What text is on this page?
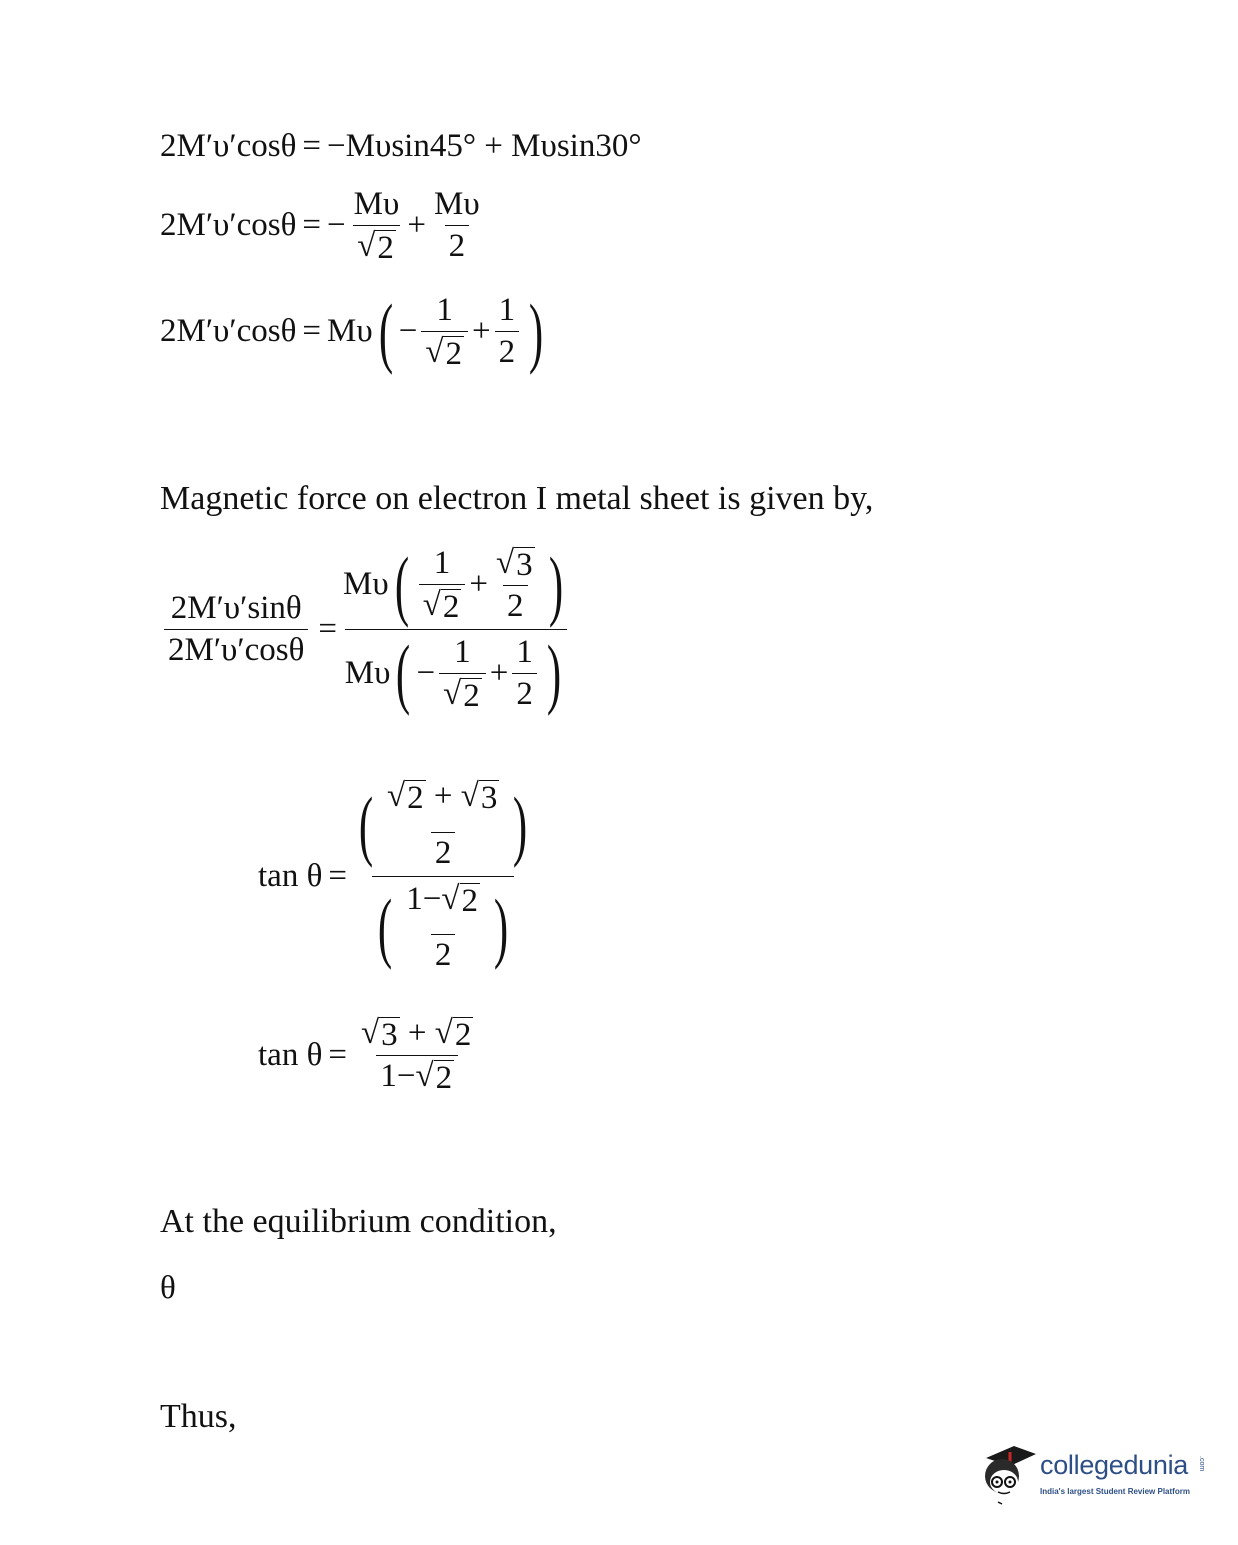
2M′υ′cosθ = −Mυsin45° + Mυsin30°
2M′υ′cosθ = − $\frac{M\upsilon}{√ 2} + \frac{M\upsilon}{2}$
2M′υ′cosθ = Mυ ( − $\frac{1}{√ 2} + \frac{1}{2}$ )
Magnetic force on electron I metal sheet is given by,
$\frac{2M'\upsilon'\sin\theta}{2M'\upsilon'\cos\theta}$ =
Mυ ( $\frac{1}{√ 2} + \frac{√ 3}{2}$ )
Mυ ( − $\frac{1}{√ 2} + \frac{1}{2}$ )
tan θ =
( $\frac{√ 2 + √ 3}{2}$ )
( $\frac{1- √ 2}{2}$ )
$\tan \theta = \frac{√ 3 + √ 2}{1- √ 2}$
At the equilibrium condition,
θ
Thus,
collegedunia .com
India's largest Student Review Platform
